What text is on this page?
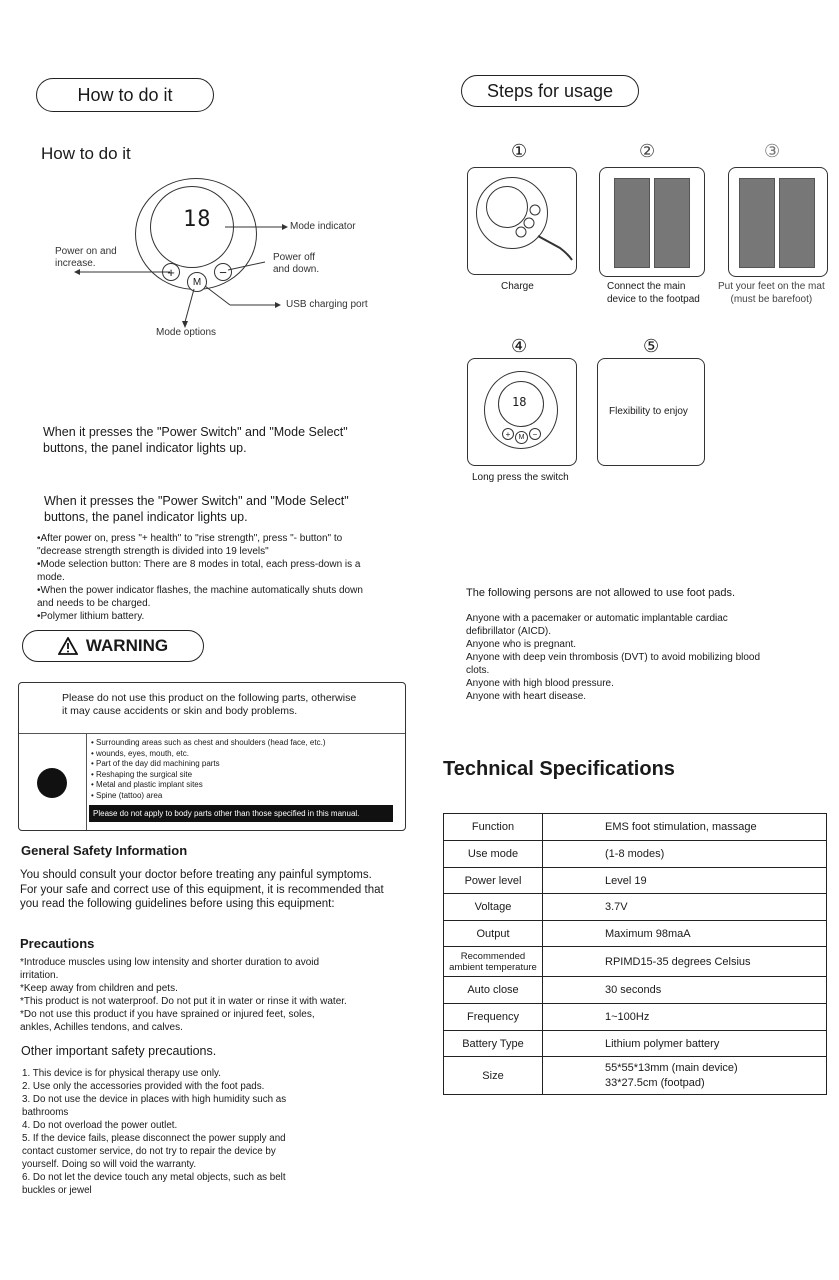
How to do it
How to do it
18
+
M
−
Mode indicator
Power on and
increase.
Power off
and down.
USB charging port
Mode options
When it presses the "Power Switch" and "Mode Select"
buttons, the panel indicator lights up.
When it presses the "Power Switch" and "Mode Select"
buttons, the panel indicator lights up.
•After power on, press "+ health" to "rise strength", press "- button" to
"decrease strength strength is divided into 19 levels"
•Mode selection button: There are 8 modes in total, each press-down is a
mode.
•When the power indicator flashes, the machine automatically shuts down
and needs to be charged.
•Polymer lithium battery.
WARNING
Please do not use this product on the following parts, otherwise
it may cause accidents or skin and body problems.
• Surrounding areas such as chest and shoulders (head face, etc.)
• wounds, eyes, mouth, etc.
• Part of the day did machining parts
• Reshaping the surgical site
• Metal and plastic implant sites
• Spine (tattoo) area
Please do not apply to body parts other than those specified in this manual.
General Safety Information
You should consult your doctor before treating any painful symptoms.
For your safe and correct use of this equipment, it is recommended that
you read the following guidelines before using this equipment:
Precautions
*Introduce muscles using low intensity and shorter duration to avoid
irritation.
*Keep away from children and pets.
*This product is not waterproof. Do not put it in water or rinse it with water.
*Do not use this product if you have sprained or injured feet, soles,
ankles, Achilles tendons, and calves.
Other important safety precautions.
1. This device is for physical therapy use only.
2. Use only the accessories provided with the foot pads.
3. Do not use the device in places with high humidity such as
bathrooms
4. Do not overload the power outlet.
5. If the device fails, please disconnect the power supply and
contact customer service, do not try to repair the device by
yourself. Doing so will void the warranty.
6. Do not let the device touch any metal objects, such as belt
buckles or jewel
Steps for usage
①	②	③
Charge	Connect the main
device to the footpad
Put your feet on the mat
(must be barefoot)
④	⑤
18
+	M	−
Long press the switch
Flexibility to enjoy
The following persons are not allowed to use foot pads.
Anyone with a pacemaker or automatic implantable cardiac
defibrillator (AICD).
Anyone who is pregnant.
Anyone with deep vein thrombosis (DVT) to avoid mobilizing blood
clots.
Anyone with high blood pressure.
Anyone with heart disease.
Technical Specifications
Function	EMS foot stimulation, massage
Use mode	(1-8 modes)
Power level	Level 19
Voltage	3.7V
Output	Maximum 98maA
Recommended
ambient temperature	RPIMD15-35 degrees Celsius
Auto close	30 seconds
Frequency	1~100Hz
Battery Type	Lithium polymer battery
Size	55*55*13mm (main device)
33*27.5cm (footpad)
